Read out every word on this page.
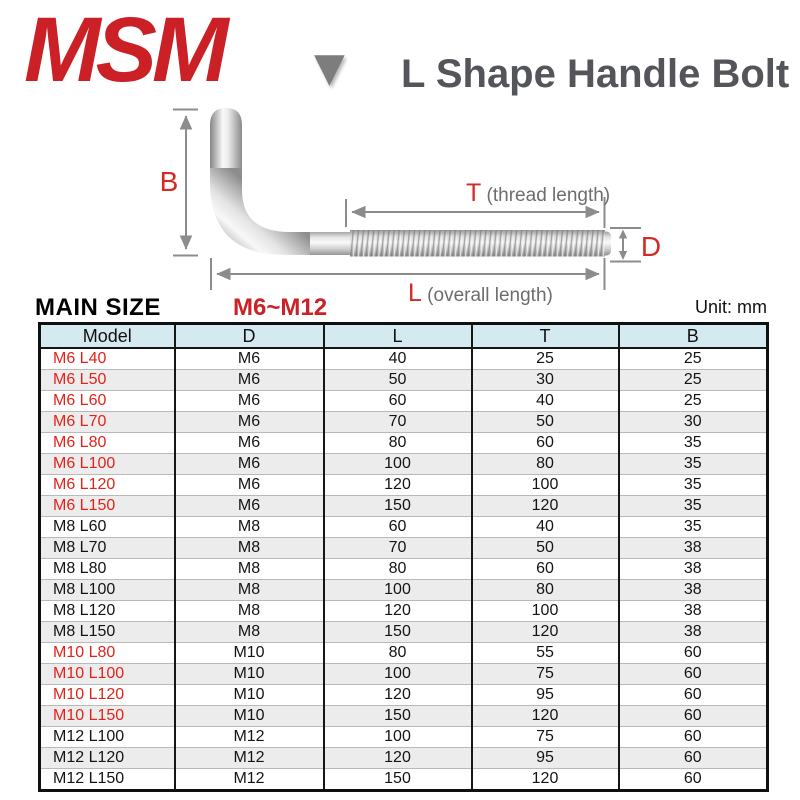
MSM ▼ L Shape Handle Bolt
B	T (thread length)
D
L (overall length)
MAIN SIZE	M6~M12	Unit: mm
Model	D	L	T	B
M6 L40	M6	40	25	25
M6 L50	M6	50	30	25
M6 L60	M6	60	40	25
M6 L70	M6	70	50	30
M6 L80	M6	80	60	35
M6 L100	M6	100	80	35
M6 L120	M6	120	100	35
M6 L150	M6	150	120	35
M8 L60	M8	60	40	35
M8 L70	M8	70	50	38
M8 L80	M8	80	60	38
M8 L100	M8	100	80	38
M8 L120	M8	120	100	38
M8 L150	M8	150	120	38
M10 L80	M10	80	55	60
M10 L100	M10	100	75	60
M10 L120	M10	120	95	60
M10 L150	M10	150	120	60
M12 L100	M12	100	75	60
M12 L120	M12	120	95	60
M12 L150	M12	150	120	60
